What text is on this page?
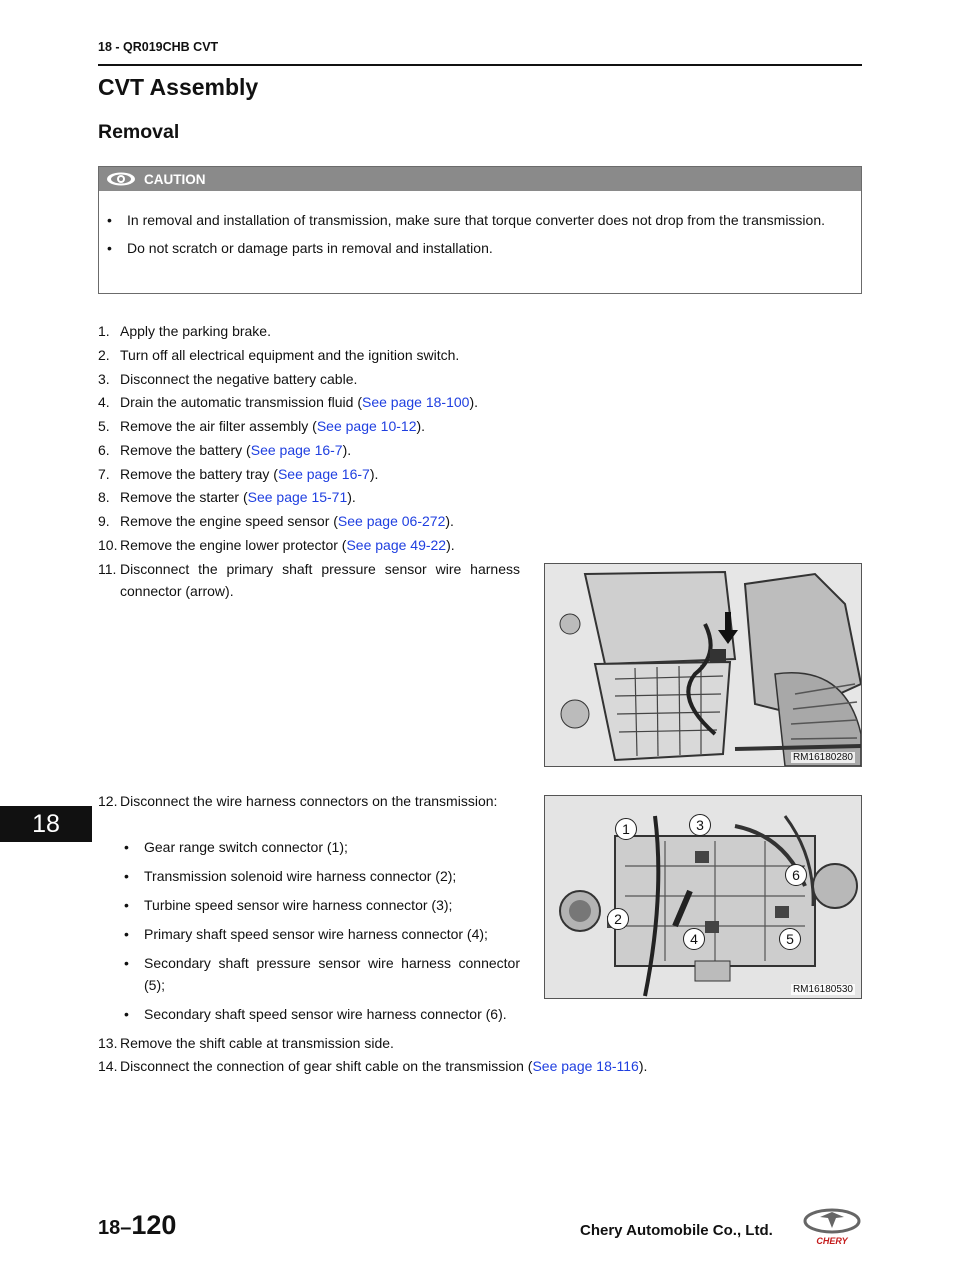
18 - QR019CHB CVT
CVT Assembly
Removal
CAUTION
• In removal and installation of transmission, make sure that torque converter does not drop from the transmission.
• Do not scratch or damage parts in removal and installation.
1. Apply the parking brake.
2. Turn off all electrical equipment and the ignition switch.
3. Disconnect the negative battery cable.
4. Drain the automatic transmission fluid (See page 18-100).
5. Remove the air filter assembly (See page 10-12).
6. Remove the battery (See page 16-7).
7. Remove the battery tray (See page 16-7).
8. Remove the starter (See page 15-71).
9. Remove the engine speed sensor (See page 06-272).
10. Remove the engine lower protector (See page 49-22).
11. Disconnect the primary shaft pressure sensor wire harness connector (arrow).
RM16180280
12. Disconnect the wire harness connectors on the transmission:
• Gear range switch connector (1);
• Transmission solenoid wire harness connector (2);
• Turbine speed sensor wire harness connector (3);
• Primary shaft speed sensor wire harness connector (4);
• Secondary shaft pressure sensor wire harness connector (5);
• Secondary shaft speed sensor wire harness connector (6).
1
2
3
4	5
6
RM16180530
13. Remove the shift cable at transmission side.
14. Disconnect the connection of gear shift cable on the transmission (See page 18-116).
18
18–120	Chery Automobile Co., Ltd.
CHERY
